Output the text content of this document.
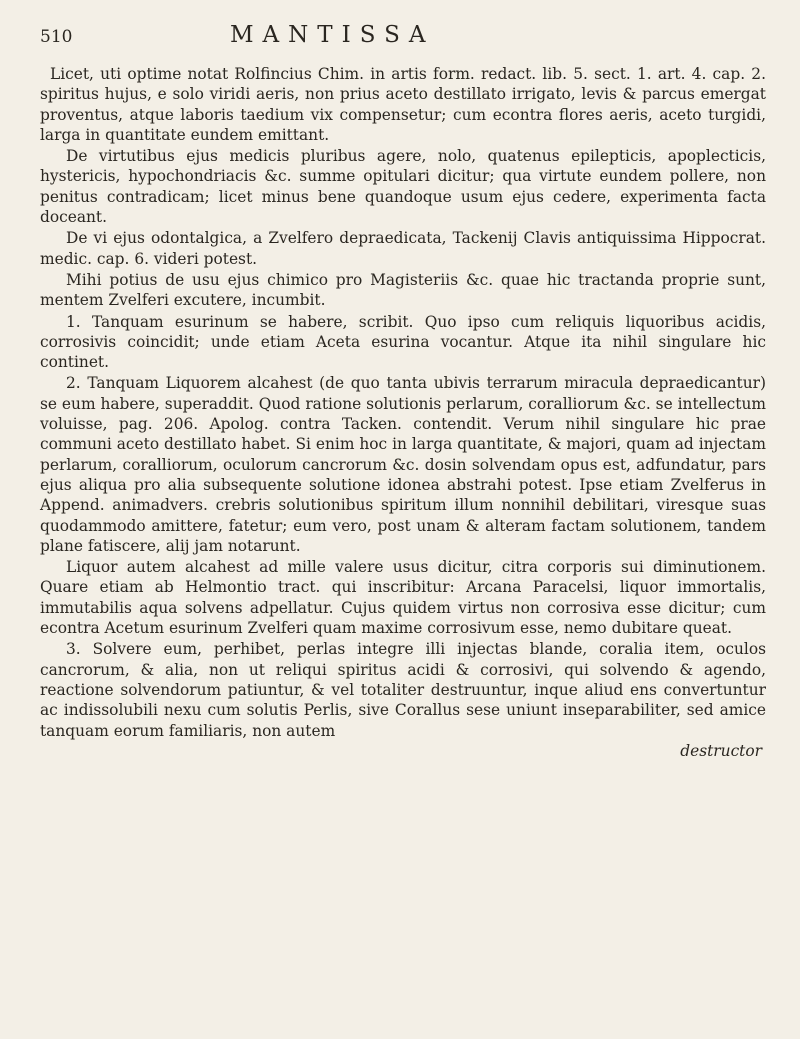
510	MANTISSA

Licet, uti optime notat Rolfincius Chim. in artis form. redact. lib. 5. sect. 1. art. 4. cap. 2. spiritus hujus, e solo viridi aeris, non prius aceto destillato irrigato, levis & parcus emergat proventus, atque laboris taedium vix compensetur; cum econtra flores aeris, aceto turgidi, larga in quantitate eundem emittant.

De virtutibus ejus medicis pluribus agere, nolo, quatenus epilepticis, apoplecticis, hystericis, hypochondriacis &c. summe opitulari dicitur; qua virtute eundem pollere, non penitus contradicam; licet minus bene quandoque usum ejus cedere, experimenta facta doceant.

De vi ejus odontalgica, a Zvelfero depraedicata, Tackenij Clavis antiquissima Hippocrat. medic. cap. 6. videri potest.

Mihi potius de usu ejus chimico pro Magisteriis &c. quae hic tractanda proprie sunt, mentem Zvelferi excutere, incumbit.

1. Tanquam esurinum se habere, scribit. Quo ipso cum reliquis liquoribus acidis, corrosivis coincidit; unde etiam Aceta esurina vocantur. Atque ita nihil singulare hic continet.

2. Tanquam Liquorem alcahest (de quo tanta ubivis terrarum miracula depraedicantur) se eum habere, superaddit. Quod ratione solutionis perlarum, coralliorum &c. se intellectum voluisse, pag. 206. Apolog. contra Tacken. contendit. Verum nihil singulare hic prae communi aceto destillato habet. Si enim hoc in larga quantitate, & majori, quam ad injectam perlarum, coralliorum, oculorum cancrorum &c. dosin solvendam opus est, adfundatur, pars ejus aliqua pro alia subsequente solutione idonea abstrahi potest. Ipse etiam Zvelferus in Append. animadvers. crebris solutionibus spiritum illum nonnihil debilitari, viresque suas quodammodo amittere, fatetur; eum vero, post unam & alteram factam solutionem, tandem plane fatiscere, alij jam notarunt.

Liquor autem alcahest ad mille valere usus dicitur, citra corporis sui diminutionem. Quare etiam ab Helmontio tract. qui inscribitur: Arcana Paracelsi, liquor immortalis, immutabilis aqua solvens adpellatur. Cujus quidem virtus non corrosiva esse dicitur; cum econtra Acetum esurinum Zvelferi quam maxime corrosivum esse, nemo dubitare queat.

3. Solvere eum, perhibet, perlas integre illi injectas blande, coralia item, oculos cancrorum, & alia, non ut reliqui spiritus acidi & corrosivi, qui solvendo & agendo, reactione solvendorum patiuntur, & vel totaliter destruuntur, inque aliud ens convertuntur ac indissolubili nexu cum solutis Perlis, sive Corallus sese uniunt inseparabiliter, sed amice tanquam eorum familiaris, non autem

destructor
